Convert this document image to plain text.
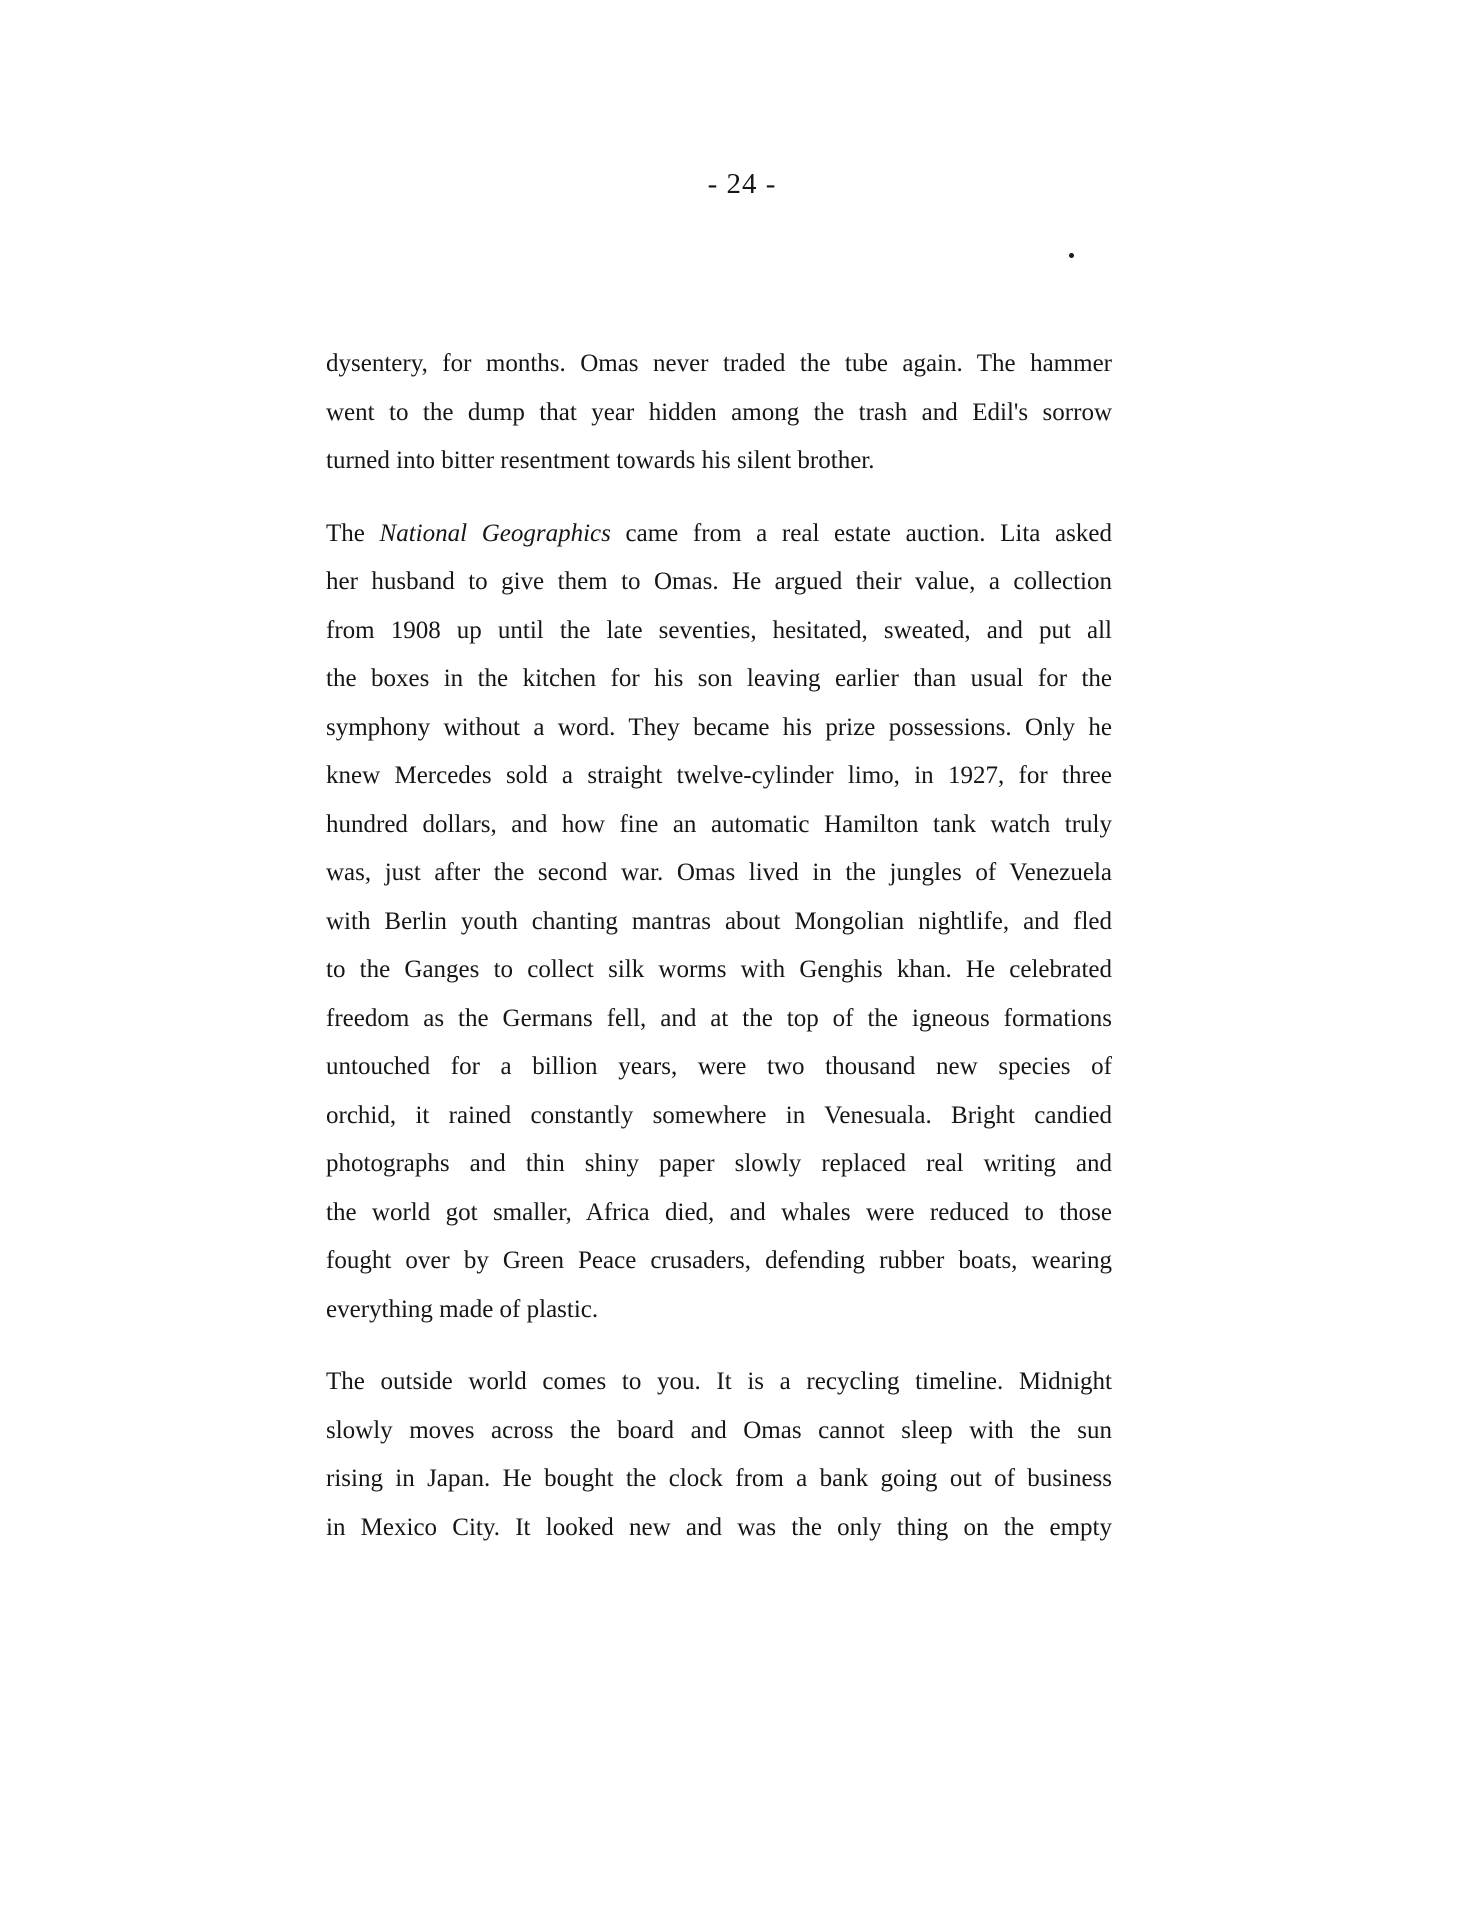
- 24 -
dysentery, for months. Omas never traded the tube again. The hammer
went to the dump that year hidden among the trash and Edil's sorrow
turned into bitter resentment towards his silent brother.
The National Geographics came from a real estate auction. Lita asked
her husband to give them to Omas. He argued their value, a collection
from 1908 up until the late seventies, hesitated, sweated, and put all
the boxes in the kitchen for his son leaving earlier than usual for the
symphony without a word. They became his prize possessions. Only he
knew Mercedes sold a straight twelve-cylinder limo, in 1927, for three
hundred dollars, and how fine an automatic Hamilton tank watch truly
was, just after the second war. Omas lived in the jungles of Venezuela
with Berlin youth chanting mantras about Mongolian nightlife, and fled
to the Ganges to collect silk worms with Genghis khan. He celebrated
freedom as the Germans fell, and at the top of the igneous formations
untouched for a billion years, were two thousand new species of
orchid, it rained constantly somewhere in Venesuala. Bright candied
photographs and thin shiny paper slowly replaced real writing and
the world got smaller, Africa died, and whales were reduced to those
fought over by Green Peace crusaders, defending rubber boats, wearing
everything made of plastic.
The outside world comes to you. It is a recycling timeline. Midnight
slowly moves across the board and Omas cannot sleep with the sun
rising in Japan. He bought the clock from a bank going out of business
in Mexico City. It looked new and was the only thing on the empty
